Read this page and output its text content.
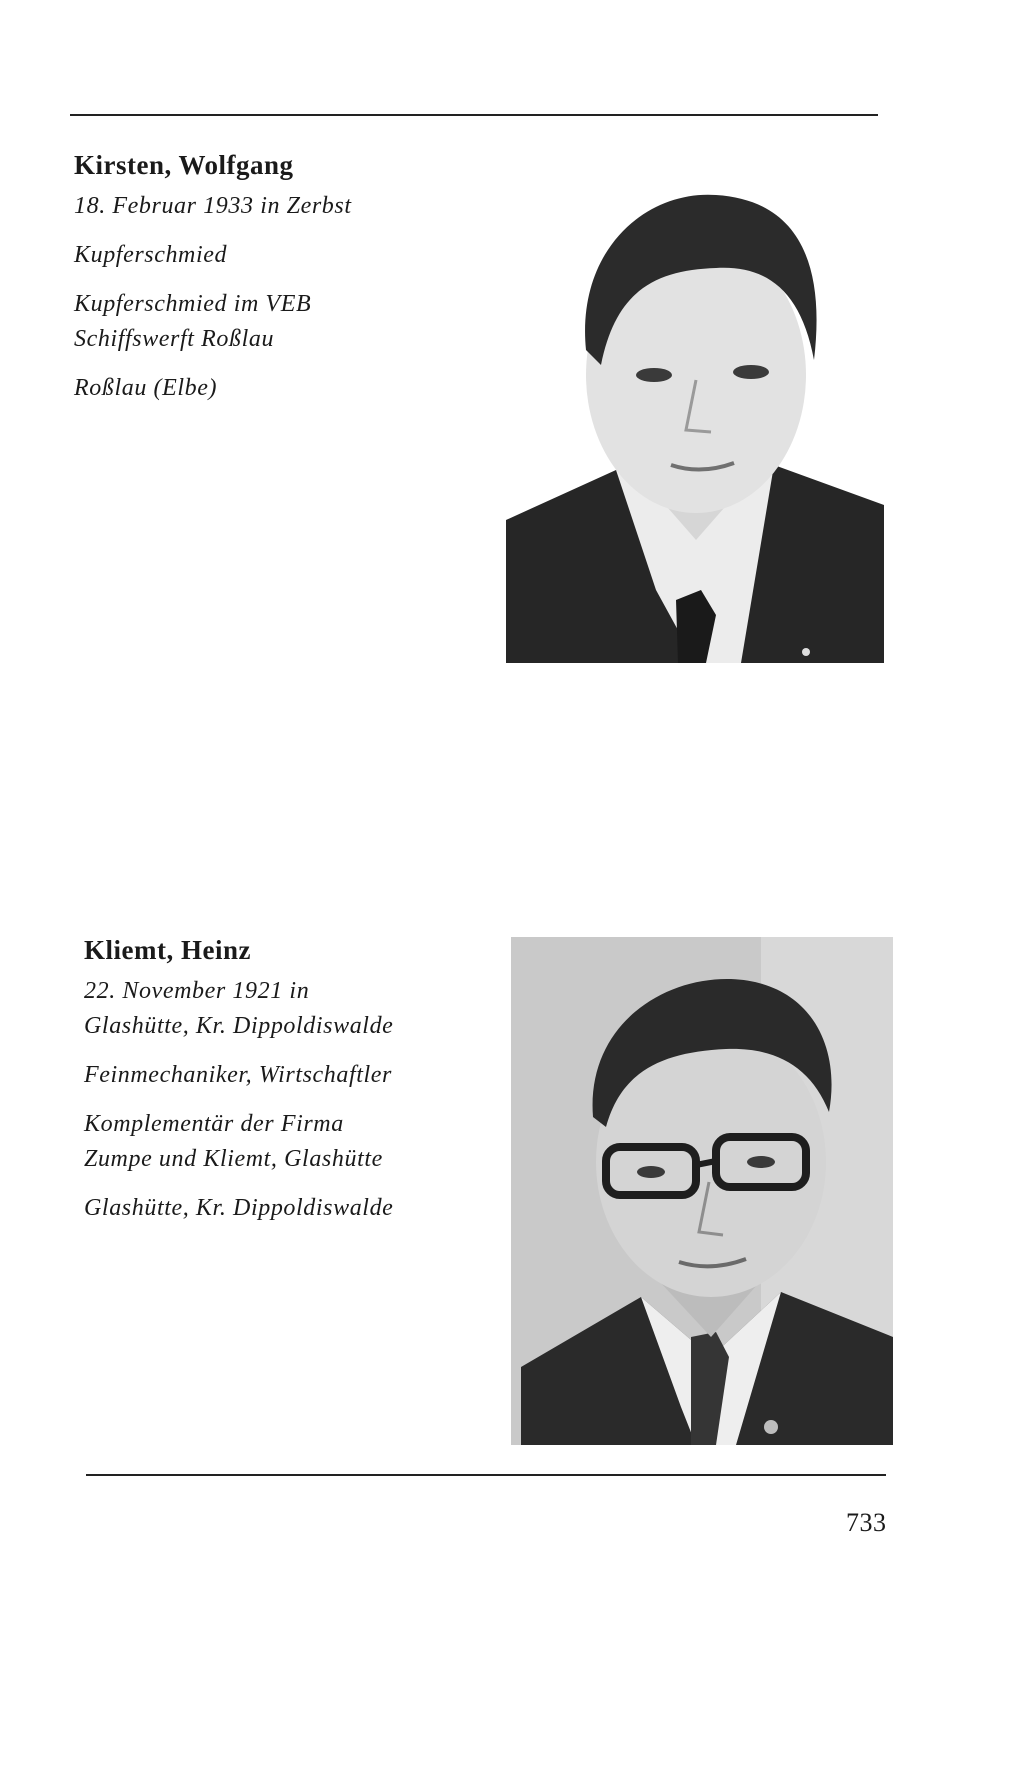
Kirsten, Wolfgang
18. Februar 1933 in Zerbst
Kupferschmied
Kupferschmied im VEB
Schiffswerft Roßlau
Roßlau (Elbe)
Kliemt, Heinz
22. November 1921 in
Glashütte, Kr. Dippoldiswalde
Feinmechaniker, Wirtschaftler
Komplementär der Firma
Zumpe und Kliemt, Glashütte
Glashütte, Kr. Dippoldiswalde
733
